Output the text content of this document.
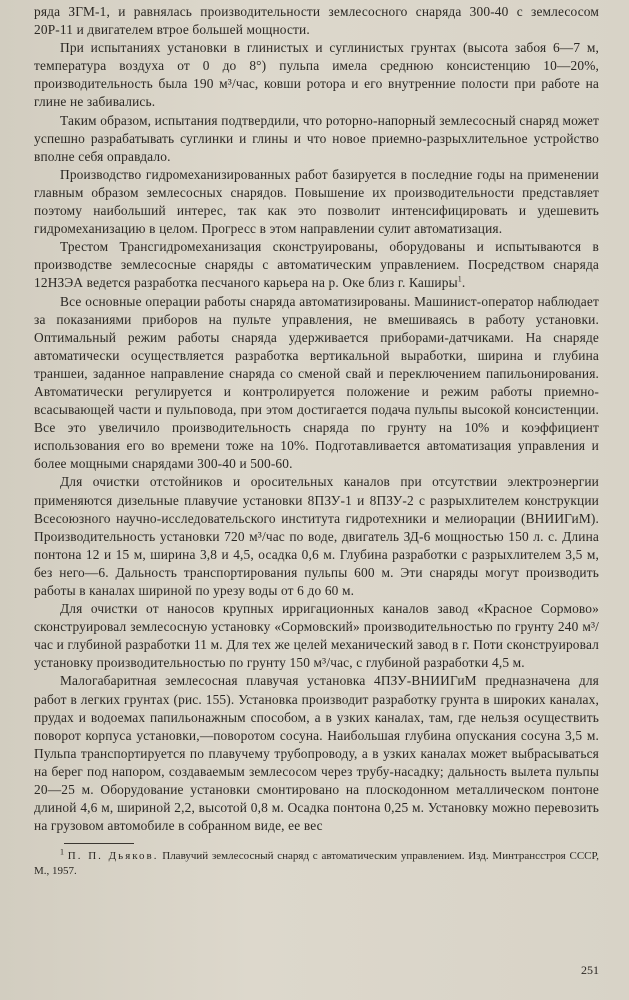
ряда ЗГМ-1, и равнялась производительности землесосного снаряда 300-40 с землесосом 20Р-11 и двигателем втрое большей мощности.

При испытаниях установки в глинистых и суглинистых грунтах (высота забоя 6—7 м, температура воздуха от 0 до 8°) пульпа имела среднюю консистенцию 10—20%, производительность была 190 м³/час, ковши ротора и его внутренние полости при работе на глине не забивались.

Таким образом, испытания подтвердили, что роторно-напорный землесосный снаряд может успешно разрабатывать суглинки и глины и что новое приемно-разрыхлительное устройство вполне себя оправдало.

Производство гидромеханизированных работ базируется в последние годы на применении главным образом землесосных снарядов. Повышение их производительности представляет поэтому наибольший интерес, так как это позволит интенсифицировать и удешевить гидромеханизацию в целом. Прогресс в этом направлении сулит автоматизация.

Трестом Трансгидромеханизация сконструированы, оборудованы и испытываются в производстве землесосные снаряды с автоматическим управлением. Посредством снаряда 12НЗЭА ведется разработка песчаного карьера на р. Оке близ г. Каширы$^1$.

Все основные операции работы снаряда автоматизированы. Машинист-оператор наблюдает за показаниями приборов на пульте управления, не вмешиваясь в работу установки. Оптимальный режим работы снаряда удерживается приборами-датчиками. На снаряде автоматически осуществляется разработка вертикальной выработки, ширина и глубина траншеи, заданное направление снаряда со сменой свай и переключением папильонирования. Автоматически регулируется и контролируется положение и режим работы приемно-всасывающей части и пульповода, при этом достигается подача пульпы высокой консистенции. Все это увеличило производительность снаряда по грунту на 10% и коэффициент использования его во времени тоже на 10%. Подготавливается автоматизация управления и более мощными снарядами 300-40 и 500-60.

Для очистки отстойников и оросительных каналов при отсутствии электроэнергии применяются дизельные плавучие установки 8ПЗУ-1 и 8ПЗУ-2 с разрыхлителем конструкции Всесоюзного научно-исследовательского института гидротехники и мелиорации (ВНИИГиМ). Производительность установки 720 м³/час по воде, двигатель ЗД-6 мощностью 150 л. с. Длина понтона 12 и 15 м, ширина 3,8 и 4,5, осадка 0,6 м. Глубина разработки с разрыхлителем 3,5 м, без него—6. Дальность транспортирования пульпы 600 м. Эти снаряды могут производить работы в каналах шириной по урезу воды от 6 до 60 м.

Для очистки от наносов крупных ирригационных каналов завод «Красное Сормово» сконструировал землесосную установку «Сормовский» производительностью по грунту 240 м³/час и глубиной разработки 11 м. Для тех же целей механический завод в г. Поти сконструировал установку производительностью по грунту 150 м³/час, с глубиной разработки 4,5 м.

Малогабаритная землесосная плавучая установка 4ПЗУ-ВНИИГиМ предназначена для работ в легких грунтах (рис. 155). Установка производит разработку грунта в широких каналах, прудах и водоемах папильонажным способом, а в узких каналах, там, где нельзя осуществить поворот корпуса установки,—поворотом сосуна. Наибольшая глубина опускания сосуна 3,5 м. Пульпа транспортируется по плавучему трубопроводу, а в узких каналах может выбрасываться на берег под напором, создаваемым землесосом через трубу-насадку; дальность вылета пульпы 20—25 м. Оборудование установки смонтировано на плоскодонном металлическом понтоне длиной 4,6 м, шириной 2,2, высотой 0,8 м. Осадка понтона 0,25 м. Установку можно перевозить на грузовом автомобиле в собранном виде, ее вес

$^1$ П. П. Дьяков. Плавучий землесосный снаряд с автоматическим управлением. Изд. Минтрансстроя СССР, М., 1957.

251
